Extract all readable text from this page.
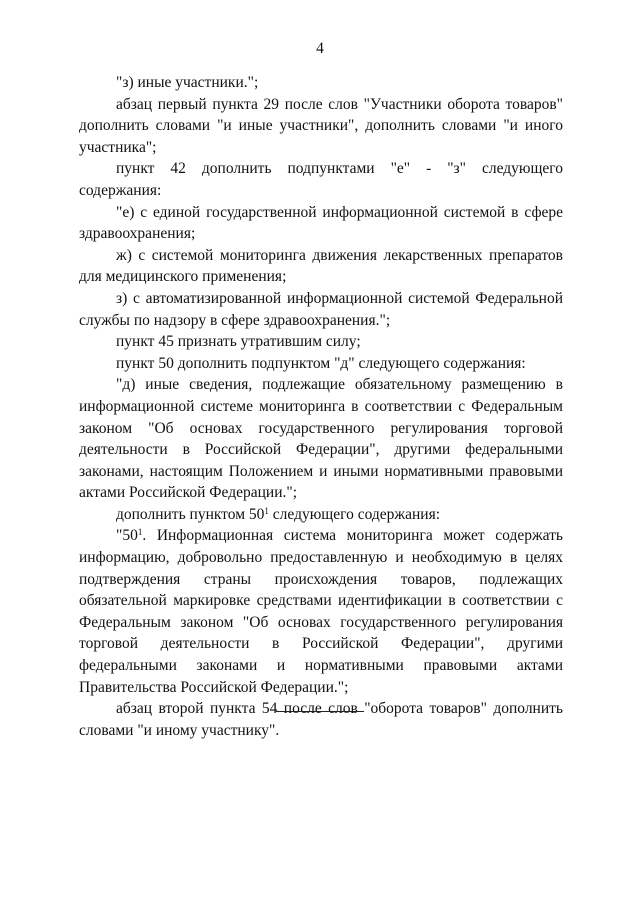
4

"з) иные участники.";

абзац первый пункта 29 после слов "Участники оборота товаров" дополнить словами "и иные участники", дополнить словами "и иного участника";

пункт 42 дополнить подпунктами "е" - "з" следующего содержания:

"е) с единой государственной информационной системой в сфере здравоохранения;

ж) с системой мониторинга движения лекарственных препаратов для медицинского применения;

з) с автоматизированной информационной системой Федеральной службы по надзору в сфере здравоохранения.";

пункт 45 признать утратившим силу;

пункт 50 дополнить подпунктом "д" следующего содержания:

"д) иные сведения, подлежащие обязательному размещению в информационной системе мониторинга в соответствии с Федеральным законом "Об основах государственного регулирования торговой деятельности в Российской Федерации", другими федеральными законами, настоящим Положением и иными нормативными правовыми актами Российской Федерации.";

дополнить пунктом $50^1$ следующего содержания:

"$50^1$. Информационная система мониторинга может содержать информацию, добровольно предоставленную и необходимую в целях подтверждения страны происхождения товаров, подлежащих обязательной маркировке средствами идентификации в соответствии с Федеральным законом "Об основах государственного регулирования торговой деятельности в Российской Федерации", другими федеральными законами и нормативными правовыми актами Правительства Российской Федерации.";

абзац второй пункта 54 после слов "оборота товаров" дополнить словами "и иному участнику".
